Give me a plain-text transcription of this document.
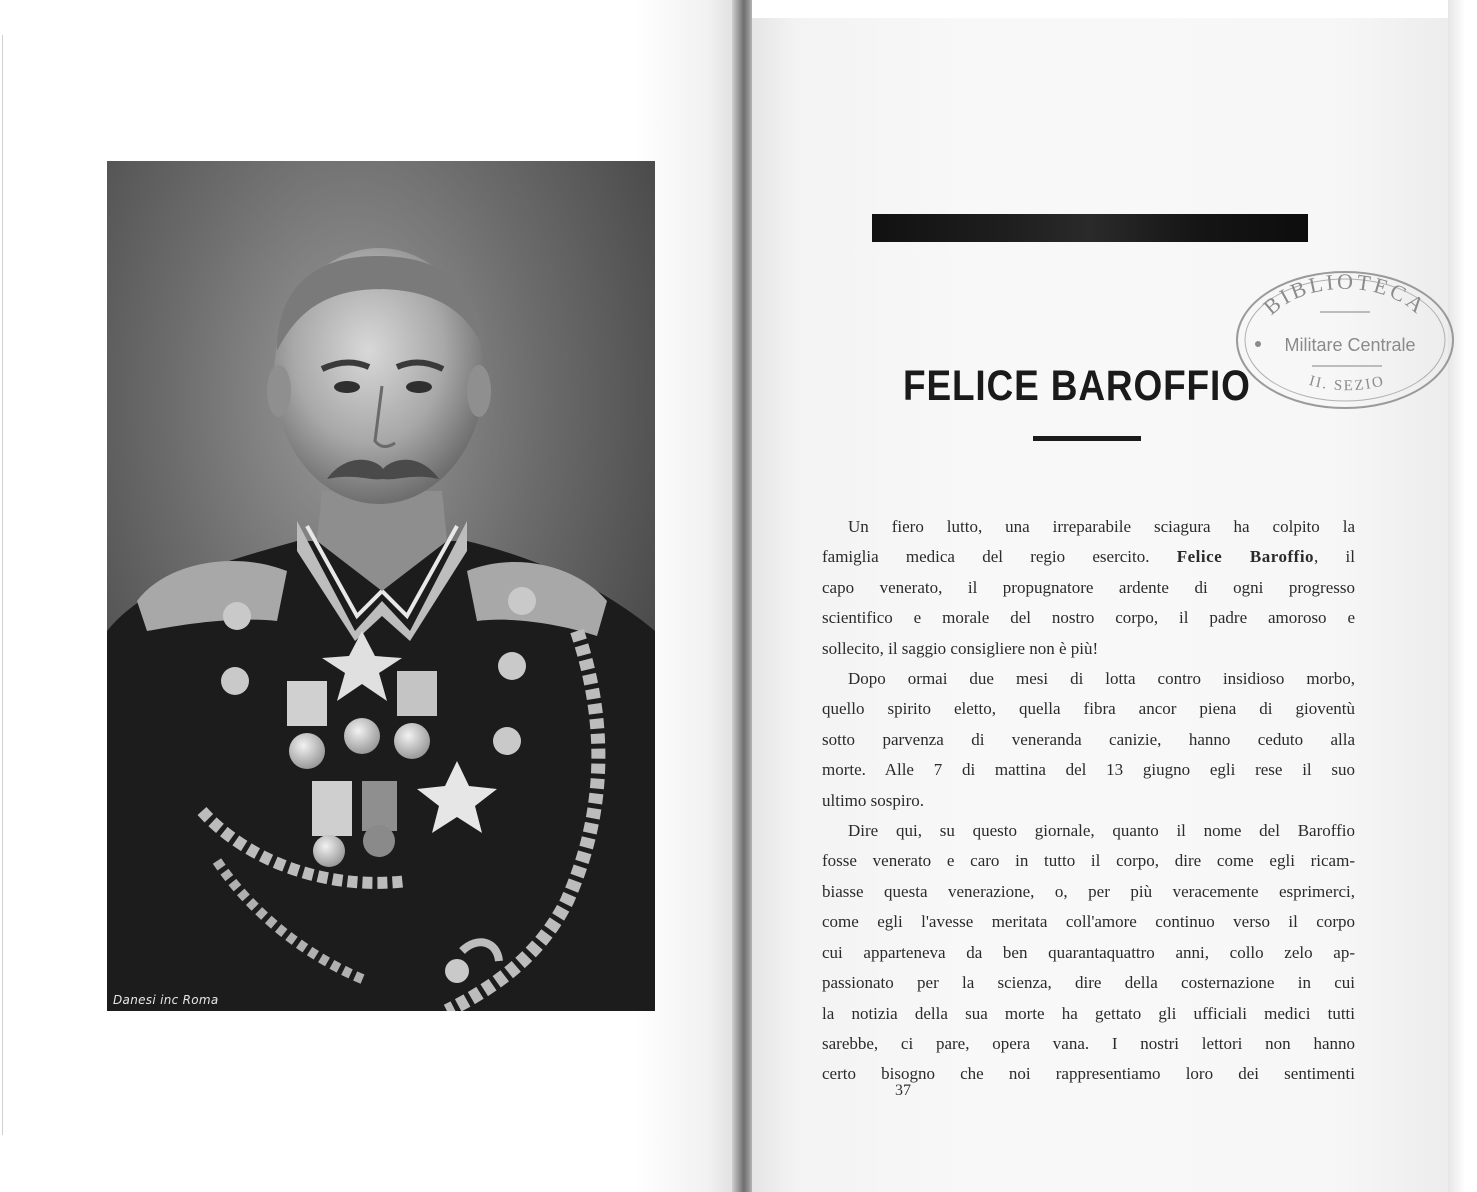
Danesi inc Roma
FELICE BAROFFIO
BIBLIOTECA
Militare Centrale
II. SEZIO
Un fiero lutto, una irreparabile sciagura ha colpito la
famiglia medica del regio esercito. Felice Baroffio, il
capo venerato, il propugnatore ardente di ogni progresso
scientifico e morale del nostro corpo, il padre amoroso e
sollecito, il saggio consigliere non è più!
Dopo ormai due mesi di lotta contro insidioso morbo,
quello spirito eletto, quella fibra ancor piena di gioventù
sotto parvenza di veneranda canizie, hanno ceduto alla
morte. Alle 7 di mattina del 13 giugno egli rese il suo
ultimo sospiro.
Dire qui, su questo giornale, quanto il nome del Baroffio
fosse venerato e caro in tutto il corpo, dire come egli ricam-
biasse questa venerazione, o, per più veracemente esprimerci,
come egli l'avesse meritata coll'amore continuo verso il corpo
cui apparteneva da ben quarantaquattro anni, collo zelo ap-
passionato per la scienza, dire della costernazione in cui
la notizia della sua morte ha gettato gli ufficiali medici tutti
sarebbe, ci pare, opera vana. I nostri lettori non hanno
certo bisogno che noi rappresentiamo loro dei sentimenti
37
